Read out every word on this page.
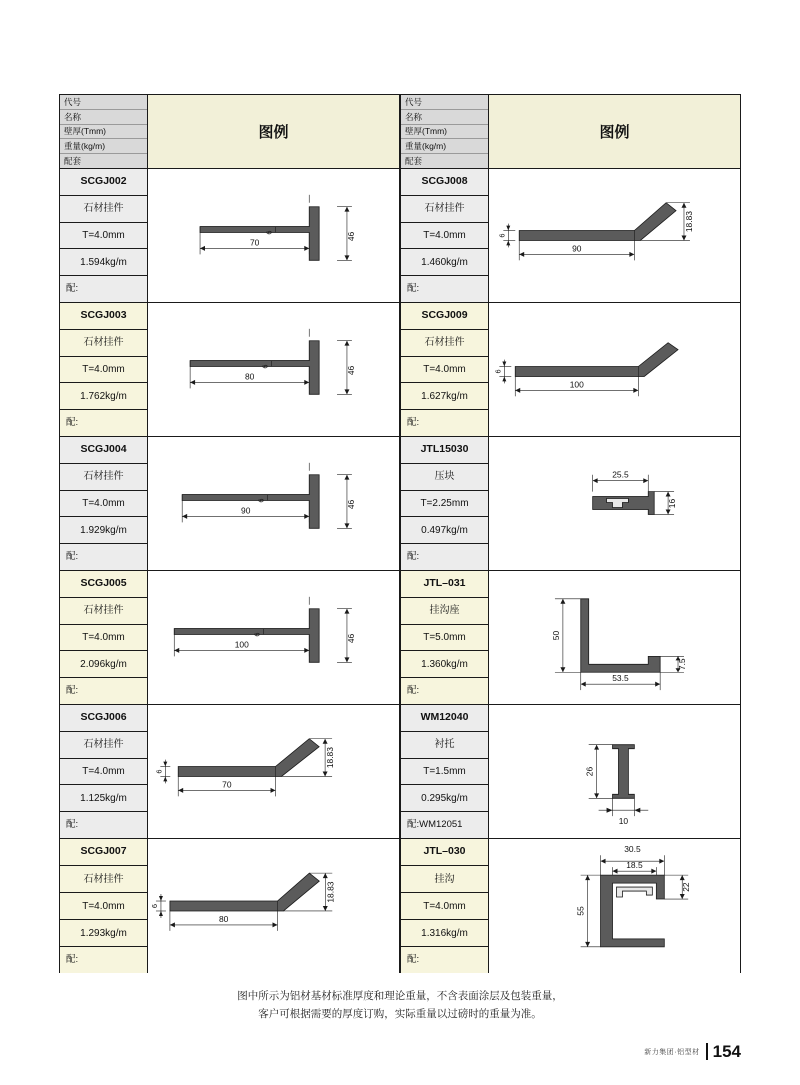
代号
名称
壁厚(Tmm)
重量(kg/m)
配套
图例
SCGJ002
石材挂件
T=4.0mm
1.594kg/m
配:
46
6
70
SCGJ003
石材挂件
T=4.0mm
1.762kg/m
配:
46
6
80
SCGJ004
石材挂件
T=4.0mm
1.929kg/m
配:
46
6
90
SCGJ005
石材挂件
T=4.0mm
2.096kg/m
配:
46
6
100
SCGJ006
石材挂件
T=4.0mm
1.125kg/m
配:
6
70
18.83
SCGJ007
石材挂件
T=4.0mm
1.293kg/m
配:
6
80
18.83
代号
名称
壁厚(Tmm)
重量(kg/m)
配套
图例
SCGJ008
石材挂件
T=4.0mm
1.460kg/m
配:
6
90
18.83
SCGJ009
石材挂件
T=4.0mm
1.627kg/m
配:
6
100
JTL15030
压块
T=2.25mm
0.497kg/m
配:
25.5
16
JTL–031
挂沟座
T=5.0mm
1.360kg/m
配:
50
7.5
53.5
WM12040
衬托
T=1.5mm
0.295kg/m
配:WM12051
26
10
JTL–030
挂沟
T=4.0mm
1.316kg/m
配:
30.5
18.5
22
55
图中所示为铝材基材标准厚度和理论重量，不含表面涂层及包装重量，
客户可根据需要的厚度订购，实际重量以过磅时的重量为准。
新力集团·铝型材 154
